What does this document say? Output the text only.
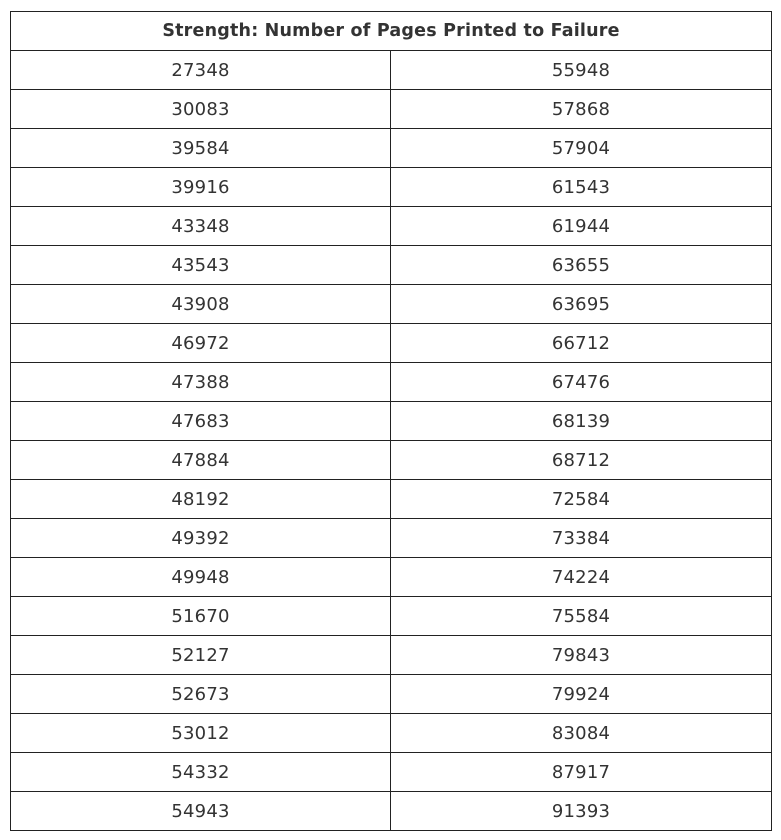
Strength: Number of Pages Printed to Failure	
27348	55948
30083	57868
39584	57904
39916	61543
43348	61944
43543	63655
43908	63695
46972	66712
47388	67476
47683	68139
47884	68712
48192	72584
49392	73384
49948	74224
51670	75584
52127	79843
52673	79924
53012	83084
54332	87917
54943	91393
